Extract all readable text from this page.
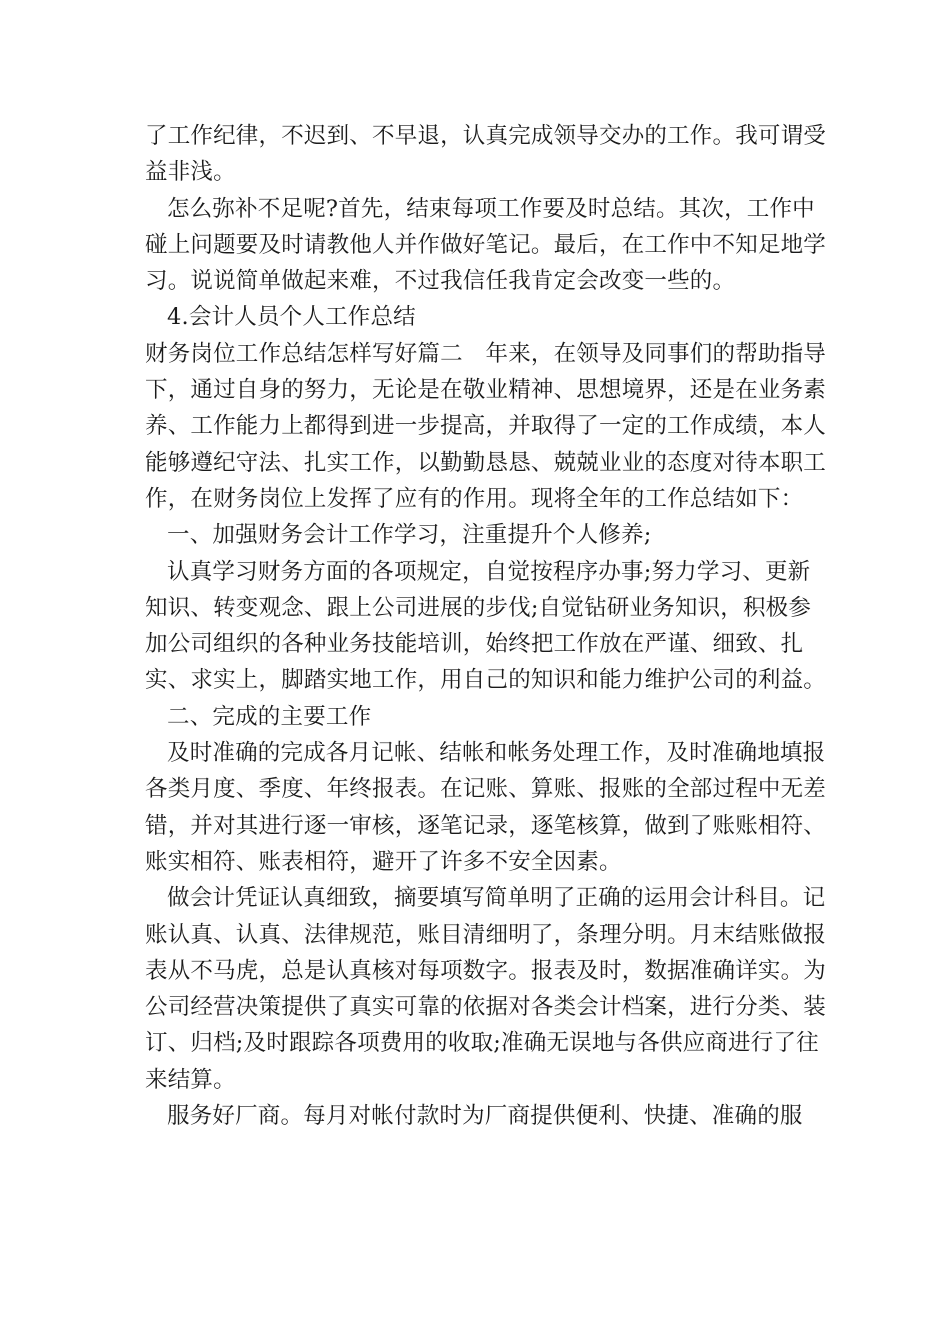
了工作纪律，不迟到、不早退，认真完成领导交办的工作。我可谓受益非浅。

怎么弥补不足呢?首先，结束每项工作要及时总结。其次，工作中碰上问题要及时请教他人并作做好笔记。最后，在工作中不知足地学习。说说简单做起来难，不过我信任我肯定会改变一些的。

4.会计人员个人工作总结

财务岗位工作总结怎样写好篇二　年来，在领导及同事们的帮助指导下，通过自身的努力，无论是在敬业精神、思想境界，还是在业务素养、工作能力上都得到进一步提高，并取得了一定的工作成绩，本人能够遵纪守法、扎实工作，以勤勤恳恳、兢兢业业的态度对待本职工作，在财务岗位上发挥了应有的作用。现将全年的工作总结如下：

一、加强财务会计工作学习，注重提升个人修养;

认真学习财务方面的各项规定，自觉按程序办事;努力学习、更新知识、转变观念、跟上公司进展的步伐;自觉钻研业务知识，积极参加公司组织的各种业务技能培训，始终把工作放在严谨、细致、扎实、求实上，脚踏实地工作，用自己的知识和能力维护公司的利益。

二、完成的主要工作

及时准确的完成各月记帐、结帐和帐务处理工作，及时准确地填报各类月度、季度、年终报表。在记账、算账、报账的全部过程中无差错，并对其进行逐一审核，逐笔记录，逐笔核算，做到了账账相符、账实相符、账表相符，避开了许多不安全因素。

做会计凭证认真细致，摘要填写简单明了正确的运用会计科目。记账认真、认真、法律规范，账目清细明了，条理分明。月末结账做报表从不马虎，总是认真核对每项数字。报表及时，数据准确详实。为公司经营决策提供了真实可靠的依据对各类会计档案，进行分类、装订、归档;及时跟踪各项费用的收取;准确无误地与各供应商进行了往来结算。

服务好厂商。每月对帐付款时为厂商提供便利、快捷、准确的服
